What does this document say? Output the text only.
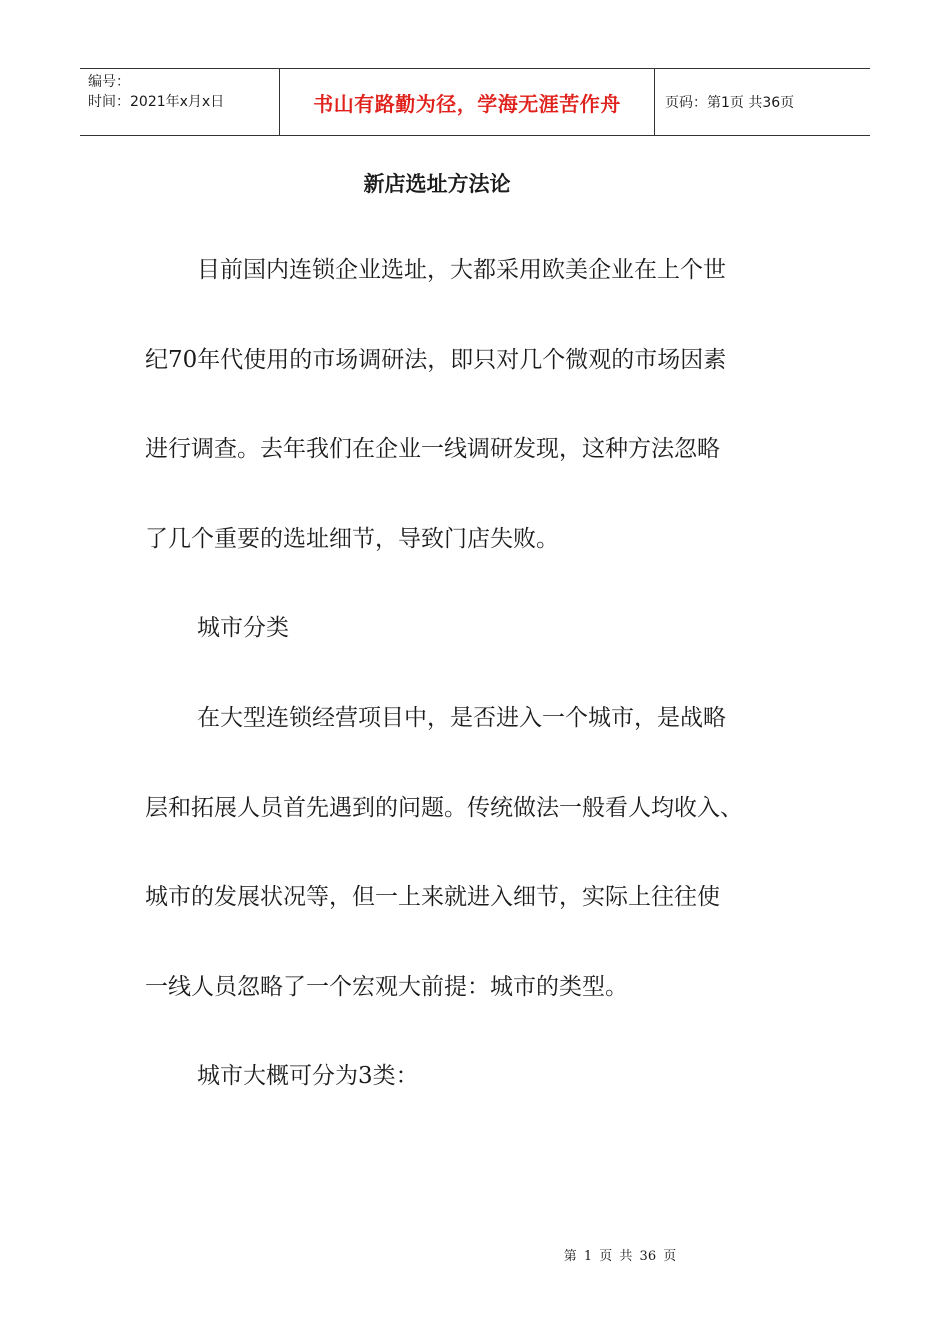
编号：
时间：2021年x月x日	书山有路勤为径，学海无涯苦作舟	页码：第1页 共36页
新店选址方法论
目前国内连锁企业选址，大都采用欧美企业在上个世
纪70年代使用的市场调研法，即只对几个微观的市场因素
进行调查。去年我们在企业一线调研发现，这种方法忽略
了几个重要的选址细节，导致门店失败。
城市分类
在大型连锁经营项目中，是否进入一个城市，是战略
层和拓展人员首先遇到的问题。传统做法一般看人均收入、
城市的发展状况等，但一上来就进入细节，实际上往往使
一线人员忽略了一个宏观大前提：城市的类型。
城市大概可分为3类：
第 1 页 共 36 页
